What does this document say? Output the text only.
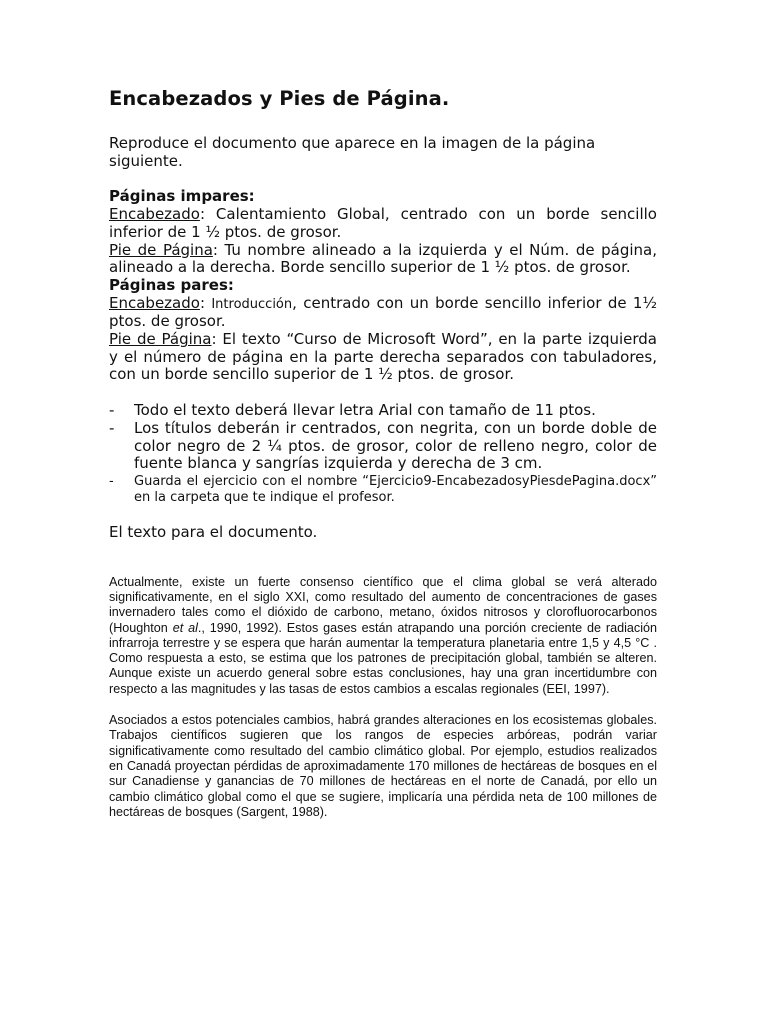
Encabezados y Pies de Página.

Reproduce el documento que aparece en la imagen de la página siguiente.

Páginas impares:

Encabezado: Calentamiento Global, centrado con un borde sencillo inferior de 1 ½ ptos. de grosor.

Pie de Página: Tu nombre alineado a la izquierda y el Núm. de página, alineado a la derecha. Borde sencillo superior de 1 ½ ptos. de grosor.

Páginas pares:

Encabezado: Introducción, centrado con un borde sencillo inferior de 1½ ptos. de grosor.

Pie de Página: El texto “Curso de Microsoft Word”, en la parte izquierda y el número de página en la parte derecha separados con tabuladores, con un borde sencillo superior de 1 ½ ptos. de grosor.

- Todo el texto deberá llevar letra Arial con tamaño de 11 ptos.
- Los títulos deberán ir centrados, con negrita, con un borde doble de color negro de 2 ¼ ptos. de grosor, color de relleno negro, color de fuente blanca y sangrías izquierda y derecha de 3 cm.
- Guarda el ejercicio con el nombre “Ejercicio9-EncabezadosyPiesdePagina.docx” en la carpeta que te indique el profesor.

El texto para el documento.

Actualmente, existe un fuerte consenso científico que el clima global se verá alterado significativamente, en el siglo XXI, como resultado del aumento de concentraciones de gases invernadero tales como el dióxido de carbono, metano, óxidos nitrosos y clorofluorocarbonos (Houghton et al., 1990, 1992). Estos gases están atrapando una porción creciente de radiación infrarroja terrestre y se espera que harán aumentar la temperatura planetaria entre 1,5 y 4,5 °C . Como respuesta a esto, se estima que los patrones de precipitación global, también se alteren. Aunque existe un acuerdo general sobre estas conclusiones, hay una gran incertidumbre con respecto a las magnitudes y las tasas de estos cambios a escalas regionales (EEI, 1997).

Asociados a estos potenciales cambios, habrá grandes alteraciones en los ecosistemas globales. Trabajos científicos sugieren que los rangos de especies arbóreas, podrán variar significativamente como resultado del cambio climático global. Por ejemplo, estudios realizados en Canadá proyectan pérdidas de aproximadamente 170 millones de hectáreas de bosques en el sur Canadiense y ganancias de 70 millones de hectáreas en el norte de Canadá, por ello un cambio climático global como el que se sugiere, implicaría una pérdida neta de 100 millones de hectáreas de bosques (Sargent, 1988).
